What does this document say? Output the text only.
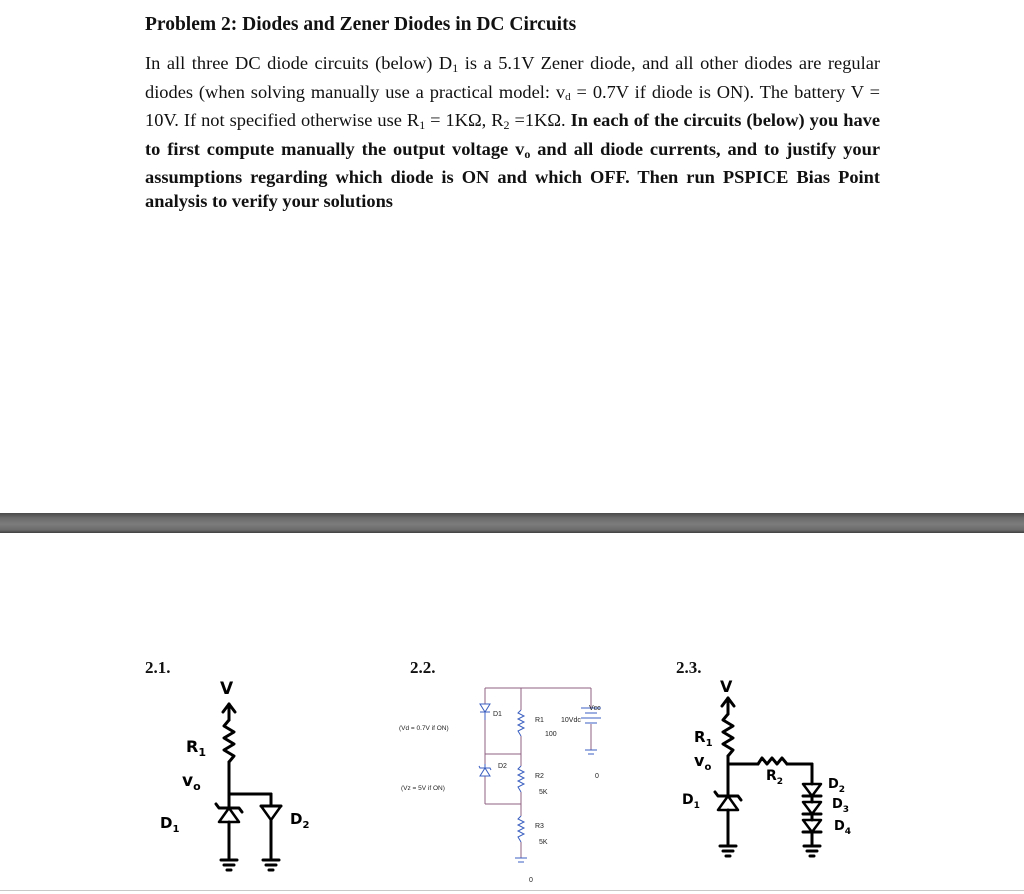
Problem 2: Diodes and Zener Diodes in DC Circuits

In all three DC diode circuits (below) $D_1$ is a 5.1V Zener diode, and all other diodes are regular diodes (when solving manually use a practical model: vd = 0.7V if diode is ON). The battery V = 10V. If not specified otherwise use $R_1 = 1K\Omega$, $R_2 =1K\Omega$. In each of the circuits (below) you have to first compute manually the output voltage $v_o$ and all diode currents, and to justify your assumptions regarding which diode is ON and which OFF. Then run PSPICE Bias Point analysis to verify your solutions

2.1.	2.2.	2.3.
V
$R_1$
$v_o$
$D_1$
$D_2$
Vcc
D1
(Vd = 0.7V if ON)
R1
100
10Vdc
D2
(Vz = 5V if ON)
R2
5K
R3
5K
0
0
V
$R_1$
$v_o$
$R_2$
$D_1$
$D_2$
$D_3$
$D_4$
